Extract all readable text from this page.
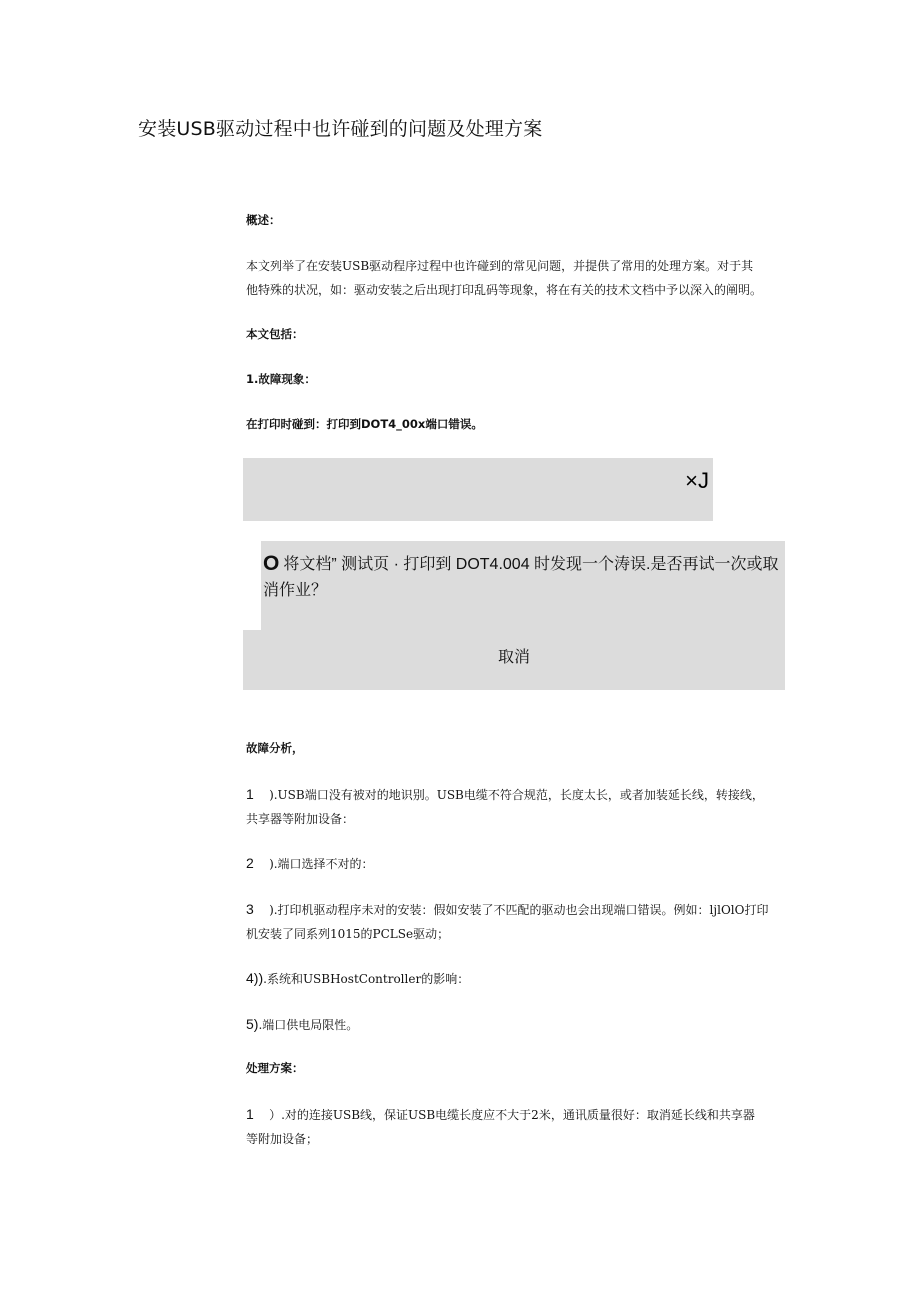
安装USB驱动过程中也许碰到的问题及处理方案
概述：
本文列举了在安装USB驱动程序过程中也许碰到的常见问题，并提供了常用的处理方案。对于其
他特殊的状况，如：驱动安装之后出现打印乱码等现象，将在有关的技术文档中予以深入的阐明。
本文包括：
1.故障现象：
在打印时碰到：打印到DOT4_00x端口错误。
×J
O 将文档” 测试页 · 打印到 DOT4.004 时发现一个涛误.是否再试一次或取消作业？
取消
故障分析，
1 ).USB端口没有被对的地识别。USB电缆不符合规范，长度太长，或者加装延长线，转接线，
共享器等附加设备：
2 ).端口选择不对的：
3 ).打印机驱动程序未对的安装：假如安装了不匹配的驱动也会出现端口错误。例如：ljlOlO打印
机安装了同系列1015的PCLSe驱动；
4)).系统和USBHostController的影响：
5).端口供电局限性。
处理方案：
1 ）.对的连接USB线，保证USB电缆长度应不大于2米，通讯质量很好：取消延长线和共享器
等附加设备；
